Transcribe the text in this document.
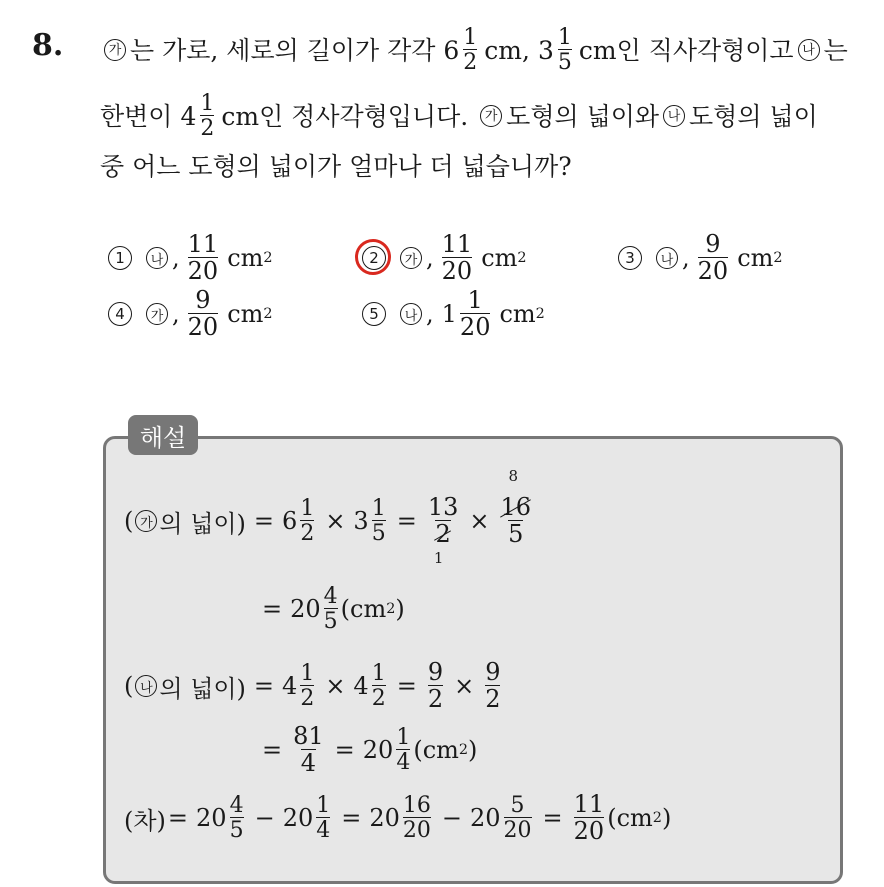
8.	가 는 가로, 세로의 길이가 각각 $6 \frac{1}{2}$ cm, $3 \frac{1}{5}$ cm인 직사각형이고 나 는
한변이 $4 \frac{1}{2}$ cm인 정사각형입니다.	가 도형의 넓이와 나 도형의 넓이
중 어느 도형의 넓이가 얼마나 더 넓습니까?
1	나 , $\frac{11}{20}$ cm 2	2	가 , $\frac{11}{20}$ cm 2	3	나 , $\frac{9}{20}$ cm 2
4	가 , $\frac{9}{20}$ cm 2	5	나 , $1 \frac{1}{20}$ cm 2
해설
( 가 의 넓이) = $6 \frac{1}{2} \times 3 \frac{1}{5}$ =
13
2
1
×
8
16
5
= $20 \frac{4}{5}$ ( cm 2 )
( 나 의 넓이) = $4 \frac{1}{2} \times 4 \frac{1}{2} = \frac{9}{2} \times \frac{9}{2}$
= $\frac{81}{4} = 20 \frac{1}{4}$ ( cm 2 )
(차) = $20 \frac{4}{5} - 20 \frac{1}{4} = 20 \frac{16}{20} - 20 \frac{5}{20} = \frac{11}{20}$ ( cm 2 )
